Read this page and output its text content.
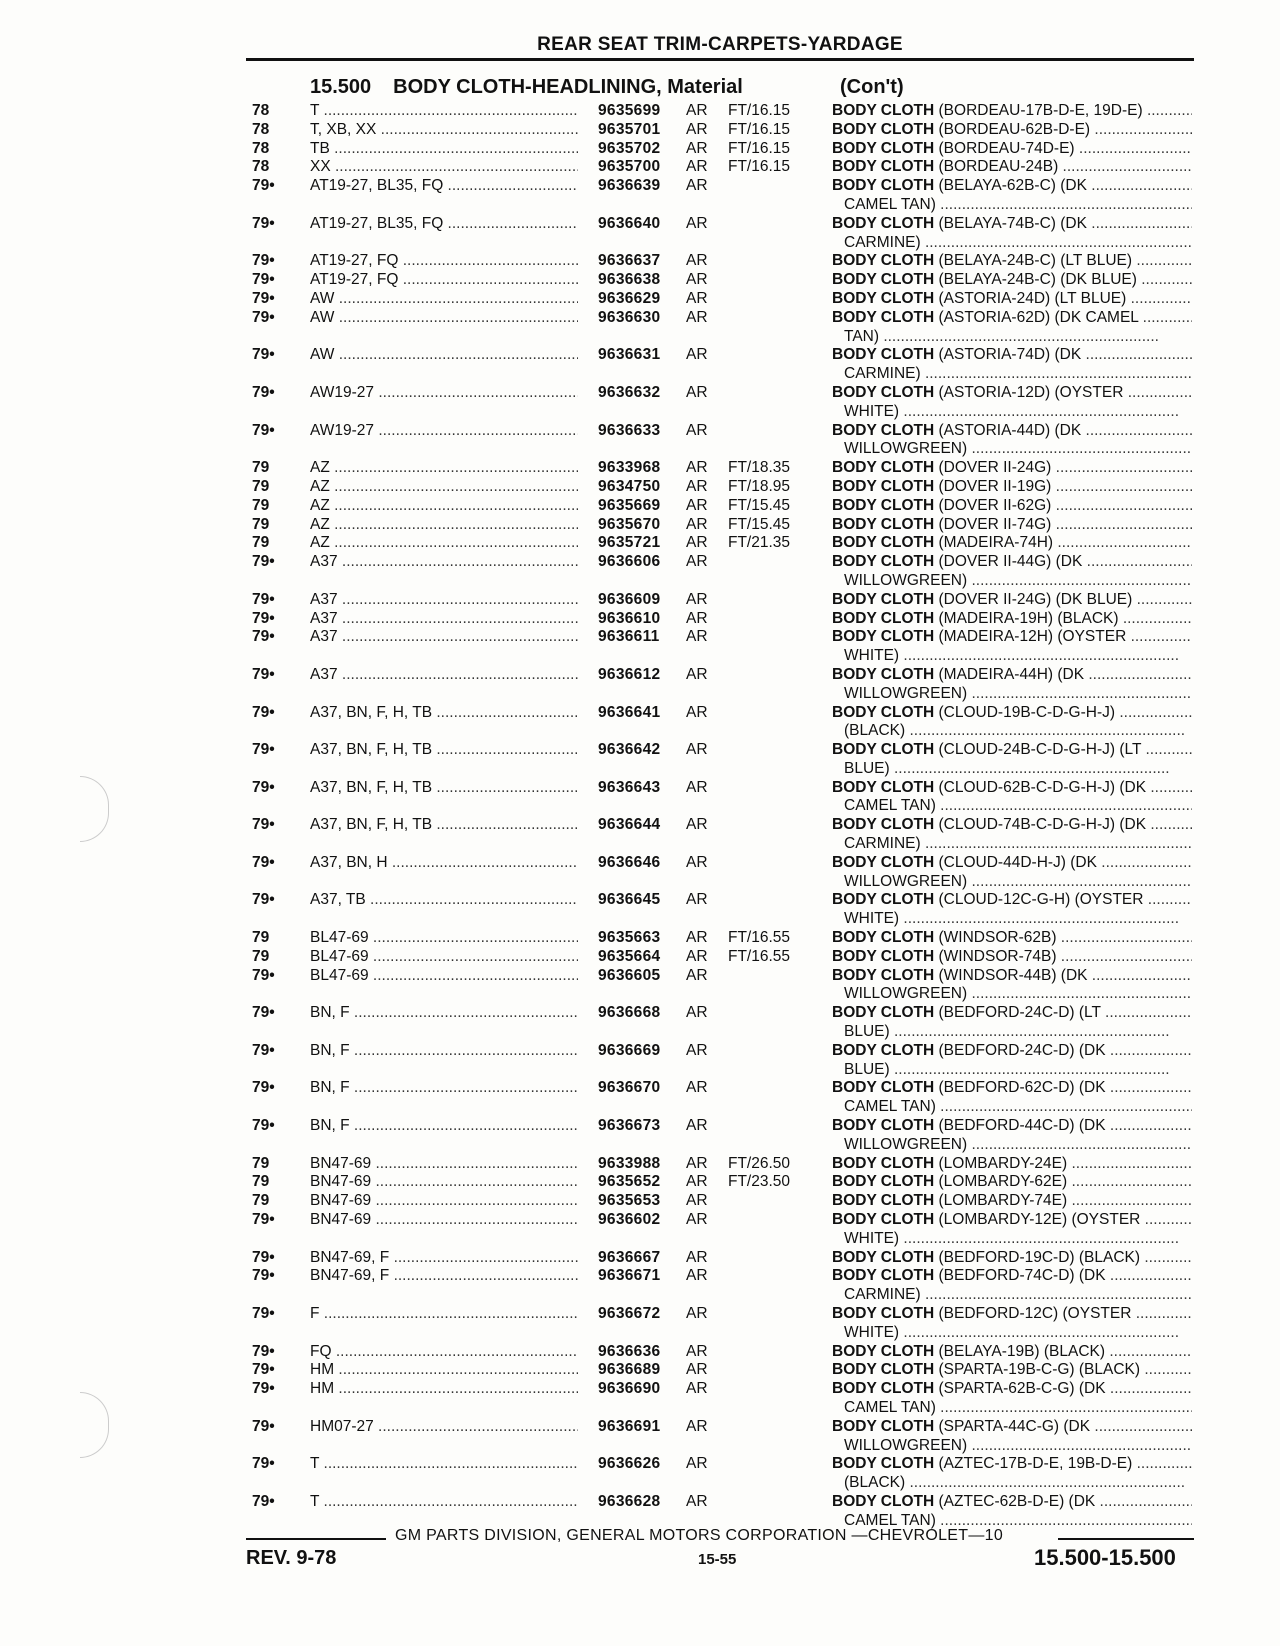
REAR SEAT TRIM-CARPETS-YARDAGE
15.500 BODY CLOTH-HEADLINING, Material	(Con't)
78	T .....	9635699 AR FT/16.15	BODY CLOTH (BORDEAU-17B-D-E, 19D-E) .....
78	T, XB, XX .....	9635701 AR FT/16.15	BODY CLOTH (BORDEAU-62B-D-E) .....
78	TB .....	9635702 AR FT/16.15	BODY CLOTH (BORDEAU-74D-E) .....
78	XX .....	9635700 AR FT/16.15	BODY CLOTH (BORDEAU-24B) .....
79• AT19-27, BL35, FQ .....	9636639 AR	BODY CLOTH (BELAYA-62B-C) (DK .....
CAMEL TAN) .....
79• AT19-27, BL35, FQ .....	9636640 AR	BODY CLOTH (BELAYA-74B-C) (DK .....
CARMINE) .....
79• AT19-27, FQ .....	9636637 AR	BODY CLOTH (BELAYA-24B-C) (LT BLUE) .....
79• AT19-27, FQ .....	9636638 AR	BODY CLOTH (BELAYA-24B-C) (DK BLUE) .....
79• AW .....	9636629 AR	BODY CLOTH (ASTORIA-24D) (LT BLUE) .....
79• AW .....	9636630 AR	BODY CLOTH (ASTORIA-62D) (DK CAMEL .....
TAN) .....
79• AW .....	9636631 AR	BODY CLOTH (ASTORIA-74D) (DK .....
CARMINE) .....
79• AW19-27 .....	9636632 AR	BODY CLOTH (ASTORIA-12D) (OYSTER .....
WHITE) .....
79• AW19-27 .....	9636633 AR	BODY CLOTH (ASTORIA-44D) (DK .....
WILLOWGREEN) .....
79	AZ .....	9633968 AR FT/18.35	BODY CLOTH (DOVER II-24G) .....
79	AZ .....	9634750 AR FT/18.95	BODY CLOTH (DOVER II-19G) .....
79	AZ .....	9635669 AR FT/15.45	BODY CLOTH (DOVER II-62G) .....
79	AZ .....	9635670 AR FT/15.45	BODY CLOTH (DOVER II-74G) .....
79	AZ .....	9635721 AR FT/21.35	BODY CLOTH (MADEIRA-74H) .....
79• A37 .....	9636606 AR	BODY CLOTH (DOVER II-44G) (DK .....
WILLOWGREEN) .....
79• A37 .....	9636609 AR	BODY CLOTH (DOVER II-24G) (DK BLUE) .....
79• A37 .....	9636610 AR	BODY CLOTH (MADEIRA-19H) (BLACK) .....
79• A37 .....	9636611 AR	BODY CLOTH (MADEIRA-12H) (OYSTER .....
WHITE) .....
79• A37 .....	9636612 AR	BODY CLOTH (MADEIRA-44H) (DK .....
WILLOWGREEN) .....
79• A37, BN, F, H, TB .....	9636641 AR	BODY CLOTH (CLOUD-19B-C-D-G-H-J) .....
(BLACK) .....
79• A37, BN, F, H, TB .....	9636642 AR	BODY CLOTH (CLOUD-24B-C-D-G-H-J) (LT .....
BLUE) .....
79• A37, BN, F, H, TB .....	9636643 AR	BODY CLOTH (CLOUD-62B-C-D-G-H-J) (DK .....
CAMEL TAN) .....
79• A37, BN, F, H, TB .....	9636644 AR	BODY CLOTH (CLOUD-74B-C-D-G-H-J) (DK .....
CARMINE) .....
79• A37, BN, H .....	9636646 AR	BODY CLOTH (CLOUD-44D-H-J) (DK .....
WILLOWGREEN) .....
79• A37, TB .....	9636645 AR	BODY CLOTH (CLOUD-12C-G-H) (OYSTER .....
WHITE) .....
79	BL47-69 .....	9635663 AR FT/16.55	BODY CLOTH (WINDSOR-62B) .....
79	BL47-69 .....	9635664 AR FT/16.55	BODY CLOTH (WINDSOR-74B) .....
79• BL47-69 .....	9636605 AR	BODY CLOTH (WINDSOR-44B) (DK .....
WILLOWGREEN) .....
79• BN, F .....	9636668 AR	BODY CLOTH (BEDFORD-24C-D) (LT .....
BLUE) .....
79• BN, F .....	9636669 AR	BODY CLOTH (BEDFORD-24C-D) (DK .....
BLUE) .....
79• BN, F .....	9636670 AR	BODY CLOTH (BEDFORD-62C-D) (DK .....
CAMEL TAN) .....
79• BN, F .....	9636673 AR	BODY CLOTH (BEDFORD-44C-D) (DK .....
WILLOWGREEN) .....
79	BN47-69 .....	9633988 AR FT/26.50	BODY CLOTH (LOMBARDY-24E) .....
79	BN47-69 .....	9635652 AR FT/23.50	BODY CLOTH (LOMBARDY-62E) .....
79	BN47-69 .....	9635653 AR	BODY CLOTH (LOMBARDY-74E) .....
79• BN47-69 .....	9636602 AR	BODY CLOTH (LOMBARDY-12E) (OYSTER .....
WHITE) .....
79• BN47-69, F .....	9636667 AR	BODY CLOTH (BEDFORD-19C-D) (BLACK) .....
79• BN47-69, F .....	9636671 AR	BODY CLOTH (BEDFORD-74C-D) (DK .....
CARMINE) .....
79• F .....	9636672 AR	BODY CLOTH (BEDFORD-12C) (OYSTER .....
WHITE) .....
79• FQ .....	9636636 AR	BODY CLOTH (BELAYA-19B) (BLACK) .....
79• HM .....	9636689 AR	BODY CLOTH (SPARTA-19B-C-G) (BLACK) .....
79• HM .....	9636690 AR	BODY CLOTH (SPARTA-62B-C-G) (DK .....
CAMEL TAN) .....
79• HM07-27 .....	9636691 AR	BODY CLOTH (SPARTA-44C-G) (DK .....
WILLOWGREEN) .....
79• T .....	9636626 AR	BODY CLOTH (AZTEC-17B-D-E, 19B-D-E) .....
(BLACK) .....
79• T .....	9636628 AR	BODY CLOTH (AZTEC-62B-D-E) (DK .....
CAMEL TAN) .....
GM PARTS DIVISION, GENERAL MOTORS CORPORATION —CHEVROLET—10
REV. 9-78	15-55	15.500-15.500
